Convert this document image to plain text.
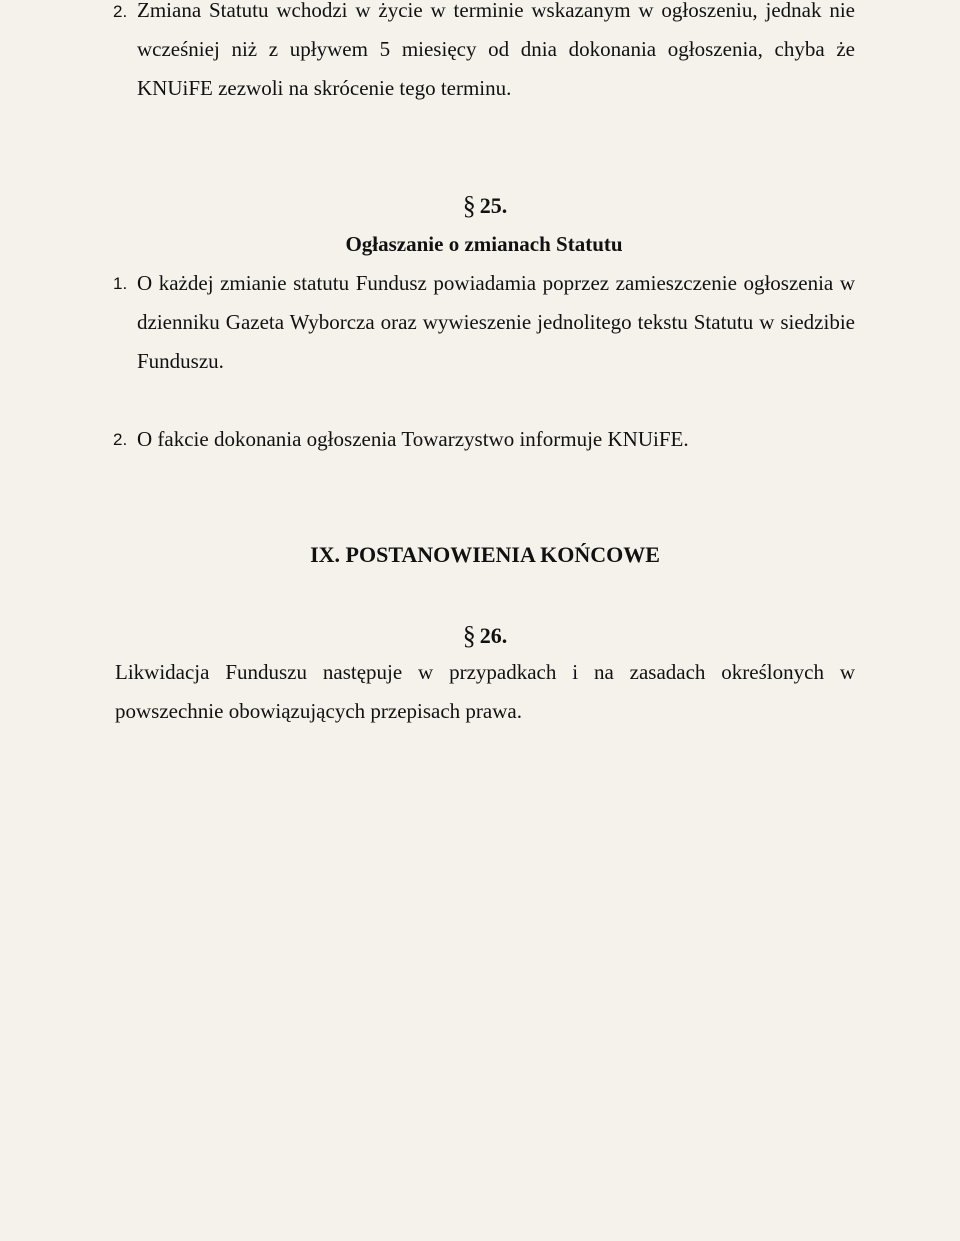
2. Zmiana Statutu wchodzi w życie w terminie wskazanym w ogłoszeniu, jednak nie wcześniej niż z upływem 5 miesięcy od dnia dokonania ogłoszenia, chyba że KNUiFE zezwoli na skrócenie tego terminu.

§ 25.
Ogłaszanie o zmianach Statutu
1. O każdej zmianie statutu Fundusz powiadamia poprzez zamieszczenie ogłoszenia w dzienniku Gazeta Wyborcza oraz wywieszenie jednolitego tekstu Statutu w siedzibie Funduszu.

2. O fakcie dokonania ogłoszenia Towarzystwo informuje KNUiFE.

IX. POSTANOWIENIA KOŃCOWE
§ 26.

Likwidacja Funduszu następuje w przypadkach i na zasadach określonych w powszechnie obowiązujących przepisach prawa.
